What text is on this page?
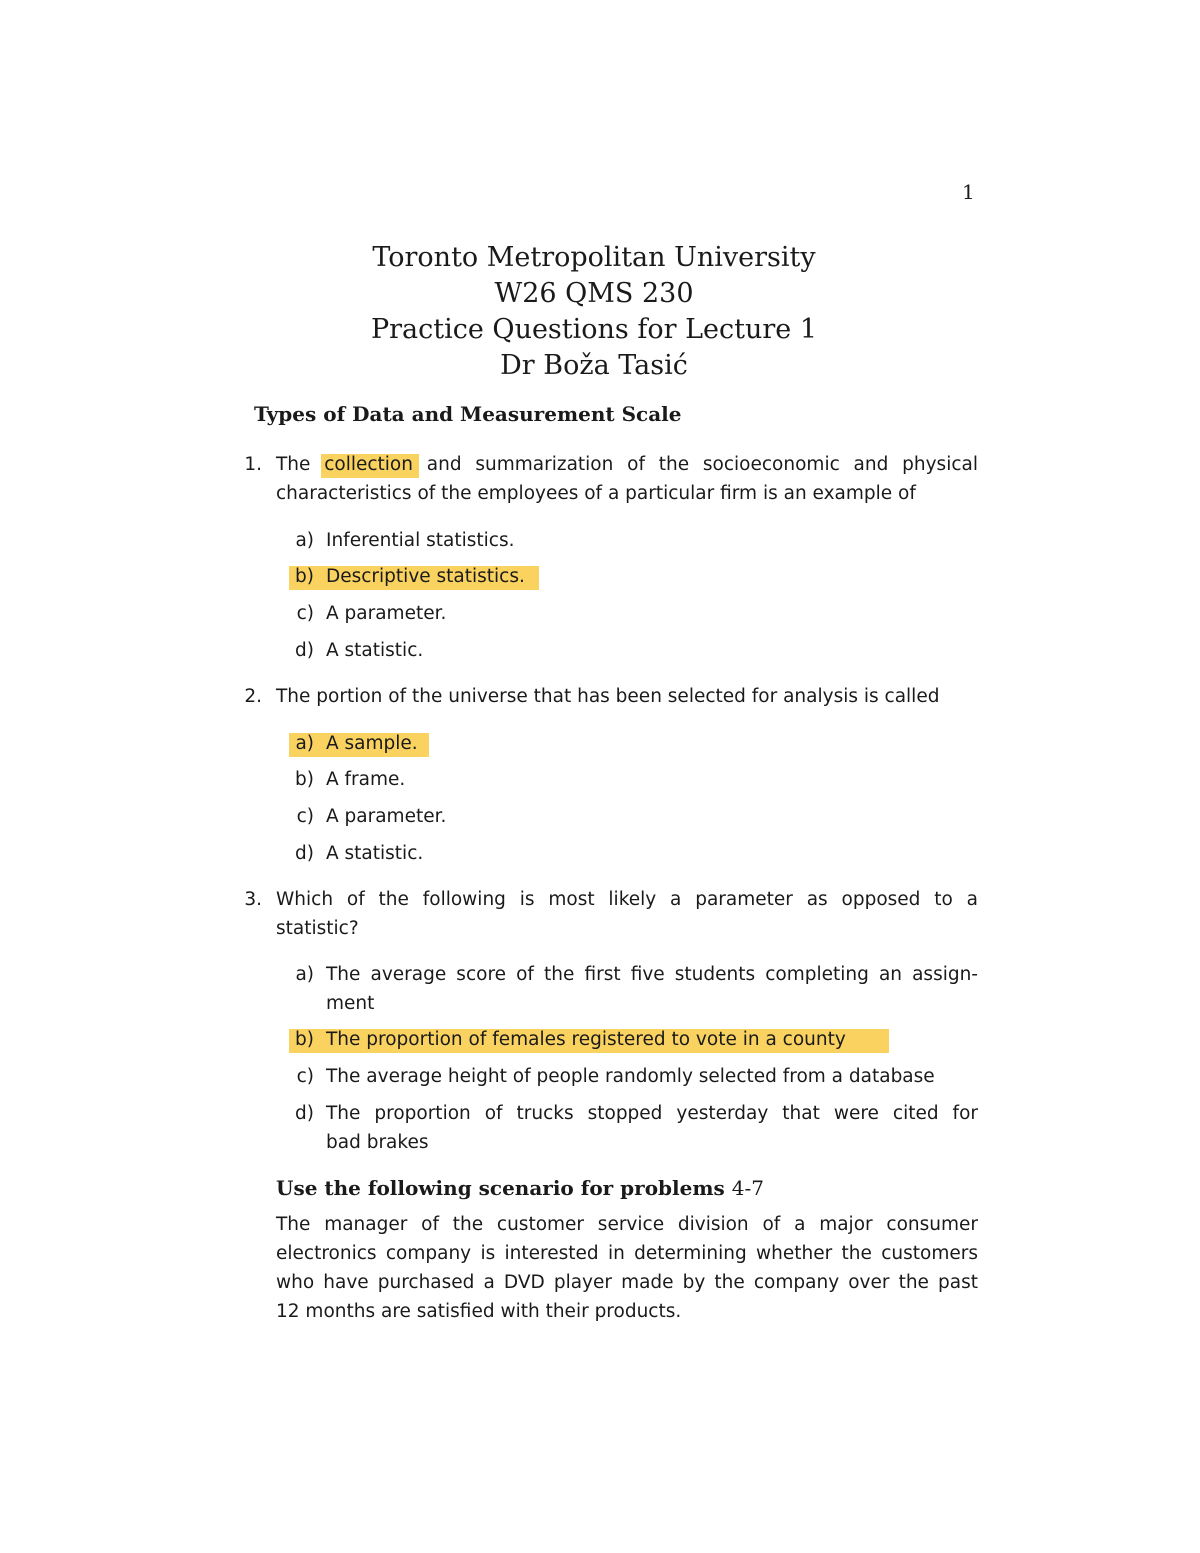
1
Toronto Metropolitan University
W26 QMS 230
Practice Questions for Lecture 1
Dr Boža Tasić
Types of Data and Measurement Scale
1. The collection and summarization of the socioeconomic and physical
characteristics of the employees of a particular firm is an example of
a) Inferential statistics.
b) Descriptive statistics.
c) A parameter.
d) A statistic.
2. The portion of the universe that has been selected for analysis is called
a) A sample.
b) A frame.
c) A parameter.
d) A statistic.
3. Which of the following is most likely a parameter as opposed to a
statistic?
a) The average score of the first five students completing an assign-
ment
b) The proportion of females registered to vote in a county
c) The average height of people randomly selected from a database
d) The proportion of trucks stopped yesterday that were cited for
bad brakes
Use the following scenario for problems 4-7
The manager of the customer service division of a major consumer
electronics company is interested in determining whether the customers
who have purchased a DVD player made by the company over the past
12 months are satisfied with their products.
